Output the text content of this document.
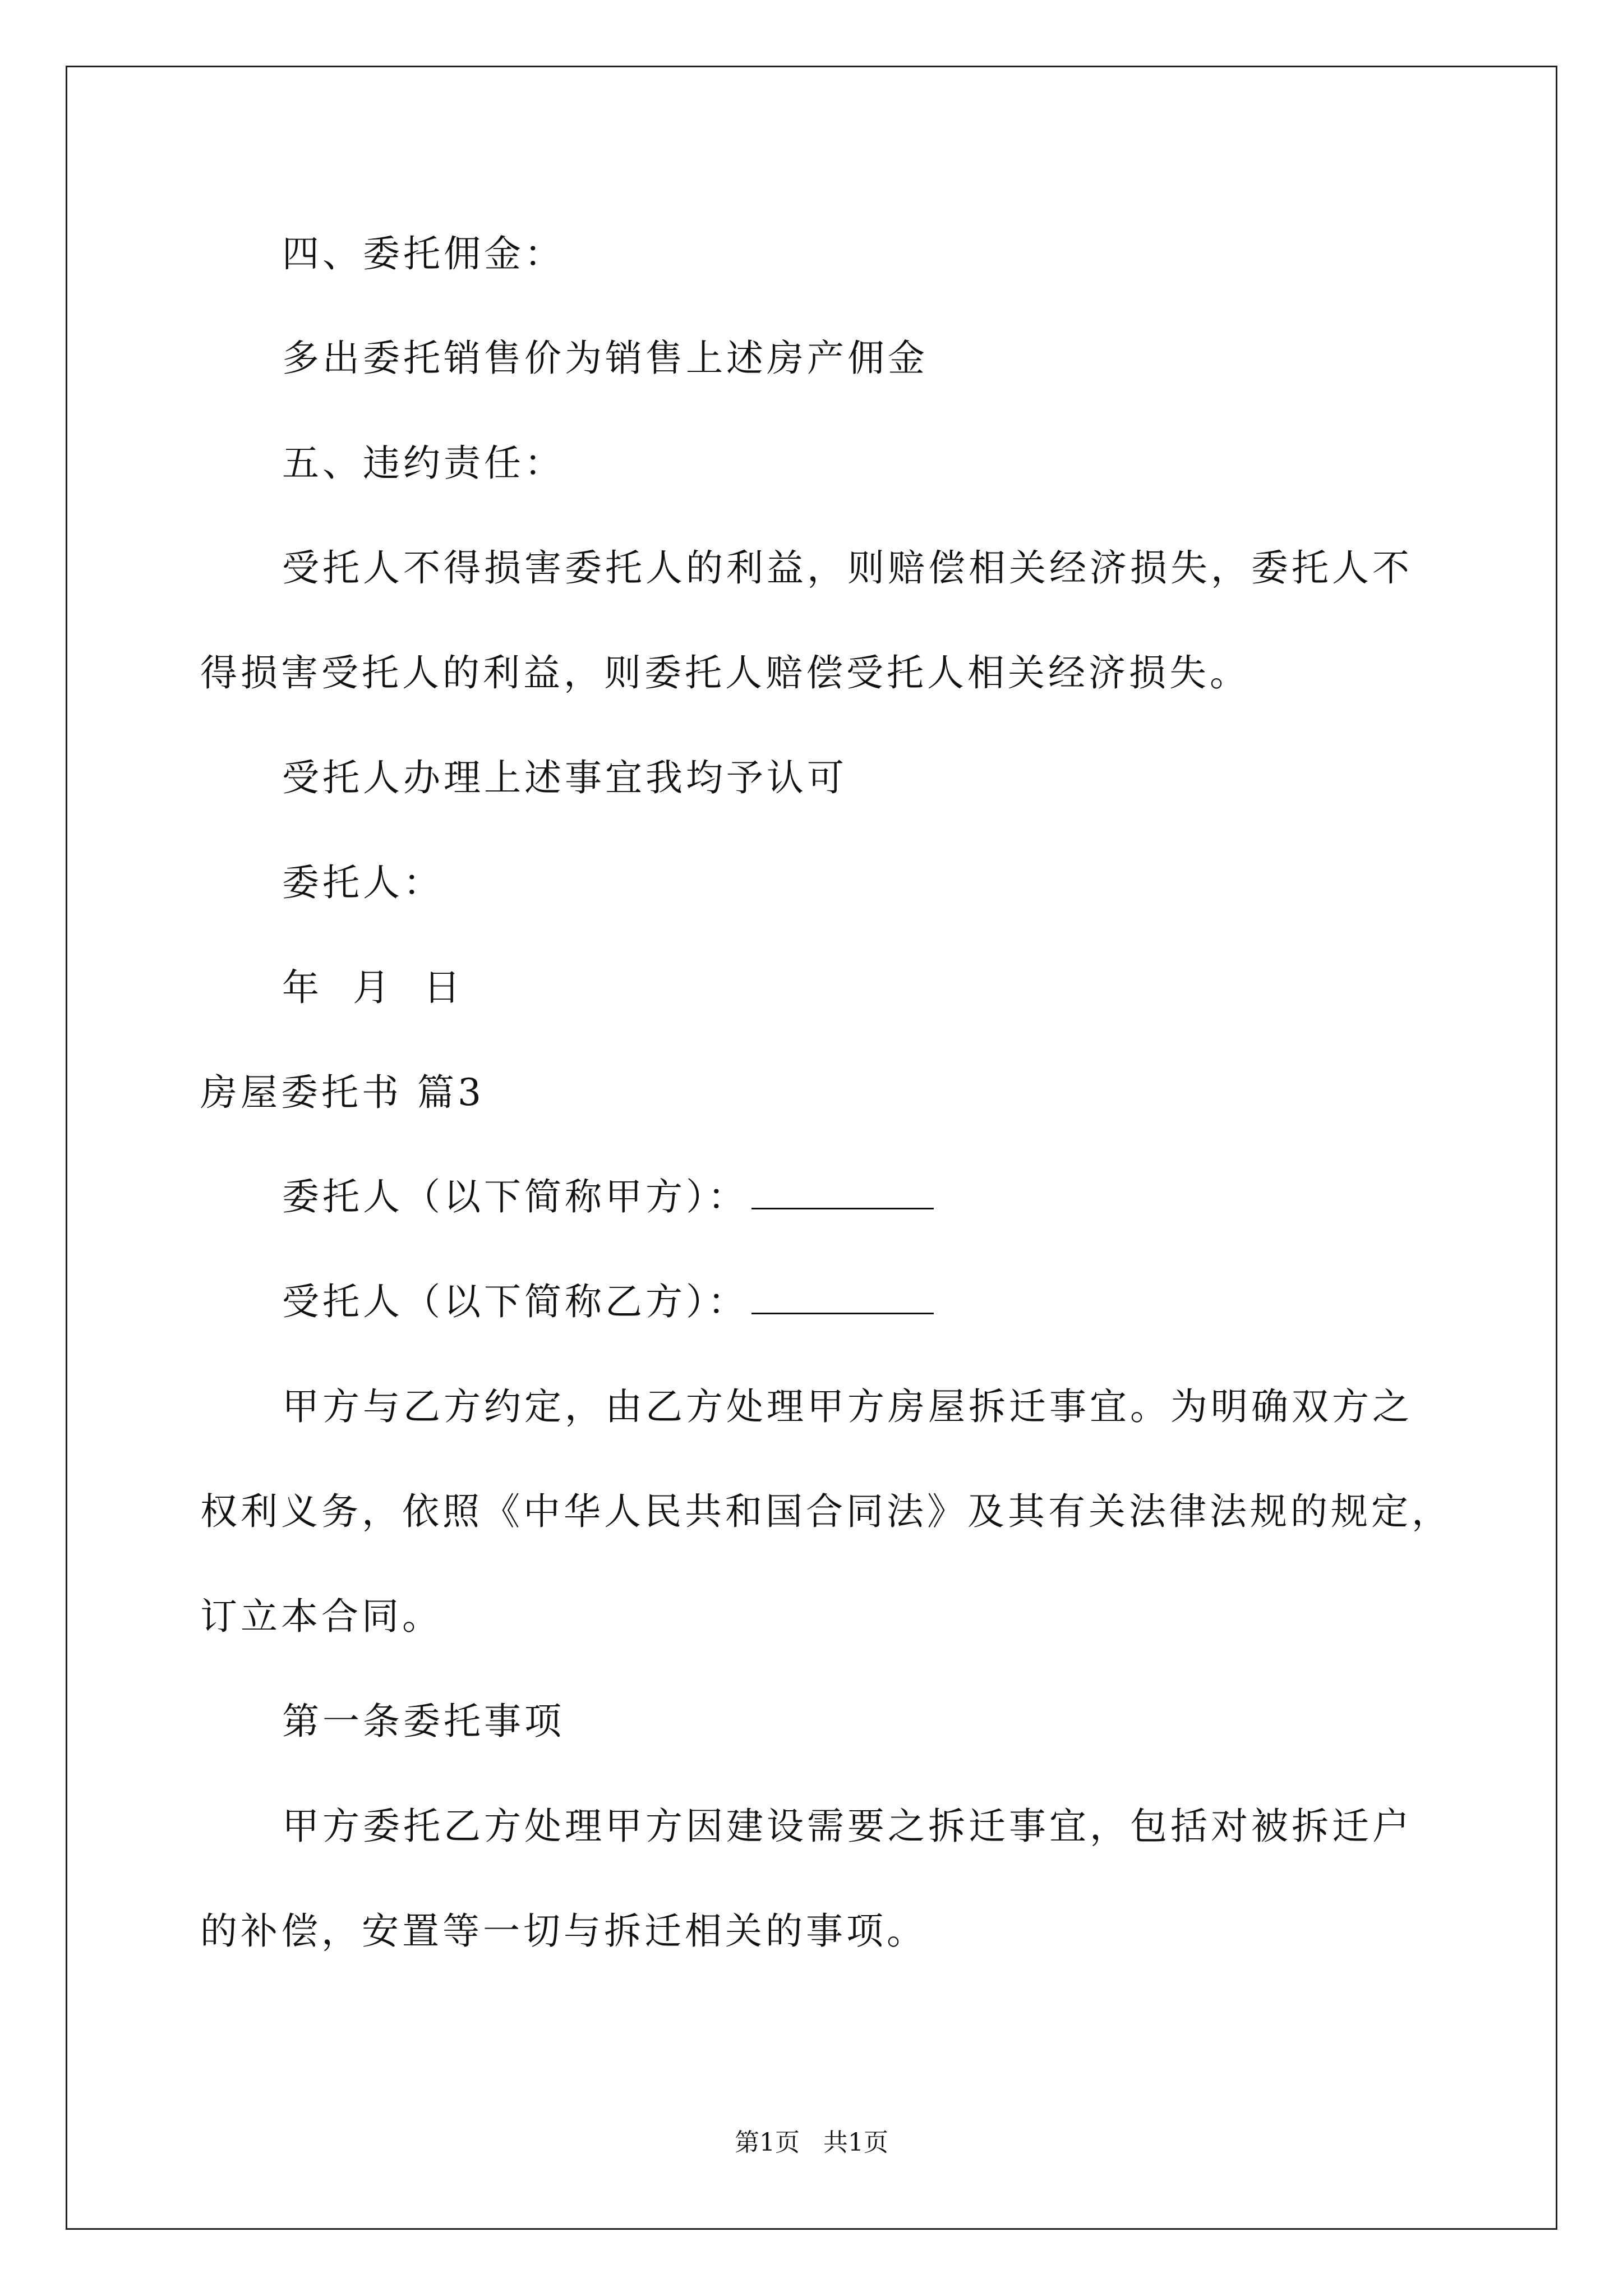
四、委托佣金：
多出委托销售价为销售上述房产佣金
五、违约责任：
受托人不得损害委托人的利益，则赔偿相关经济损失，委托人不
得损害受托人的利益，则委托人赔偿受托人相关经济损失。
受托人办理上述事宜我均予认可
委托人：
年  月  日
房屋委托书 篇3
委托人（以下简称甲方）：
受托人（以下简称乙方）：
甲方与乙方约定，由乙方处理甲方房屋拆迁事宜。为明确双方之
权利义务，依照《中华人民共和国合同法》及其有关法律法规的规定，
订立本合同。
第一条委托事项
甲方委托乙方处理甲方因建设需要之拆迁事宜，包括对被拆迁户
的补偿，安置等一切与拆迁相关的事项。
第1页 共1页
